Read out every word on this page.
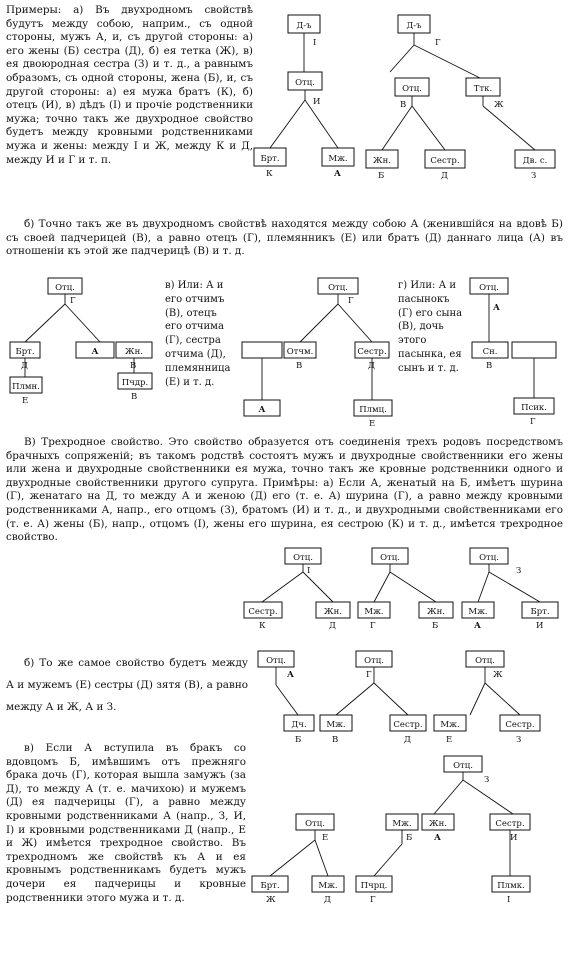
Примеры: а) Въ двухродномъ свойствѣ будутъ между собою, наприм., съ одной стороны, мужъ А, и, съ другой стороны: а) его жены (Б) сестра (Д), б) ея тетка (Ж), в) ея двоюродная сестра (З) и т. д., а равнымъ образомъ, съ одной стороны, жена (Б), и, съ другой стороны: а) ея мужа братъ (К), б) отецъ (И), в) дѣдъ (І) и прочіе родственники мужа; точно такъ же двухродное свойство будетъ между кровными родственниками мужа и жены: между І и Ж, между К и Д, между И и Г и т. п.

б) Точно такъ же въ двухродномъ свойствѣ находятся между собою А (женившійся на вдовѣ Б) съ своей падчерицей (В), а равно отецъ (Г), племянникъ (Е) или братъ (Д) даннаго лица (А) въ отношеніи къ этой же падчерицѣ (В) и т. д.

в) Или: А и его отчимъ (В), отецъ его отчима (Г), сестра отчима (Д), племянница (Е) и т. д.

г) Или: А и пасынокъ (Г) его сына (В), дочь этого пасынка, ея сынъ и т. д.

В) Трехродное свойство. Это свойство образуется отъ соединенія трехъ родовъ посредствомъ брачныхъ сопряженій; въ такомъ родствѣ состоятъ мужъ и двухродные свойственники его жены или жена и двухродные свойственники ея мужа, точно такъ же кровные родственники одного и двухродные свойственники другого супруга. Примѣры: а) Если А, женатый на Б, имѣетъ шурина (Г), женатаго на Д, то между А и женою (Д) его (т. е. А) шурина (Г), а равно между кровными родственниками А, напр., его отцомъ (З), братомъ (И) и т. д., и двухродными свойственниками его (т. е. А) жены (Б), напр., отцомъ (І), жены его шурина, ея сестрою (К) и т. д., имѣется трехродное свойство.

б) То же самое свойство будетъ между А и мужемъ (Е) сестры (Д) зятя (В), а равно между А и Ж, А и З.

в) Если А вступила въ бракъ со вдовцомъ Б, имѣвшимъ отъ прежняго брака дочь (Г), которая вышла замужъ (за Д), то между А (т. е. мачихою) и мужемъ (Д) ея падчерицы (Г), а равно между кровными родственниками А (напр., З, И, І) и кровными родственниками Д (напр., Е и Ж) имѣется трехродное свойство. Въ трехродномъ же свойствѣ къ А и ея кровнымъ родственникамъ будетъ мужъ дочери ея падчерицы и кровные родственники этого мужа и т. д.

Д-ъ	Д-ъ
І	Г
Отц.
И
Отц.
В
Ттк.
Ж
Брт.
К
Мж.
А
Жн.
Б
Сестр.
Д
Дв. с.
З
Отц.
Г
Брт.
Д
А	Жн.
В
Плмн.
Е
Пчдр.
В
Отц.
Г
Отчм.
В
Сестр.
Д
А	Плмц.
Е
Отц.
А
Сн.
В
Псик.
Г
Отц.
І
Отц.	Отц.
З
Сестр.
К
Жн.
Д
Мж.
Г
Жн.
Б
Мж.
А
Брт.
И
Отц.
А
Отц.
Г
Отц.
Ж
Дч.
Б
Мж.
В
Сестр.
Д
Мж.
Е
Сестр.
З
Отц.
З
Отц.
Е
Мж.
Б
Жн.
А
Сестр.
И
Брт.
Ж
Мж.
Д
Пчрц.
Г
Плмк.
І
